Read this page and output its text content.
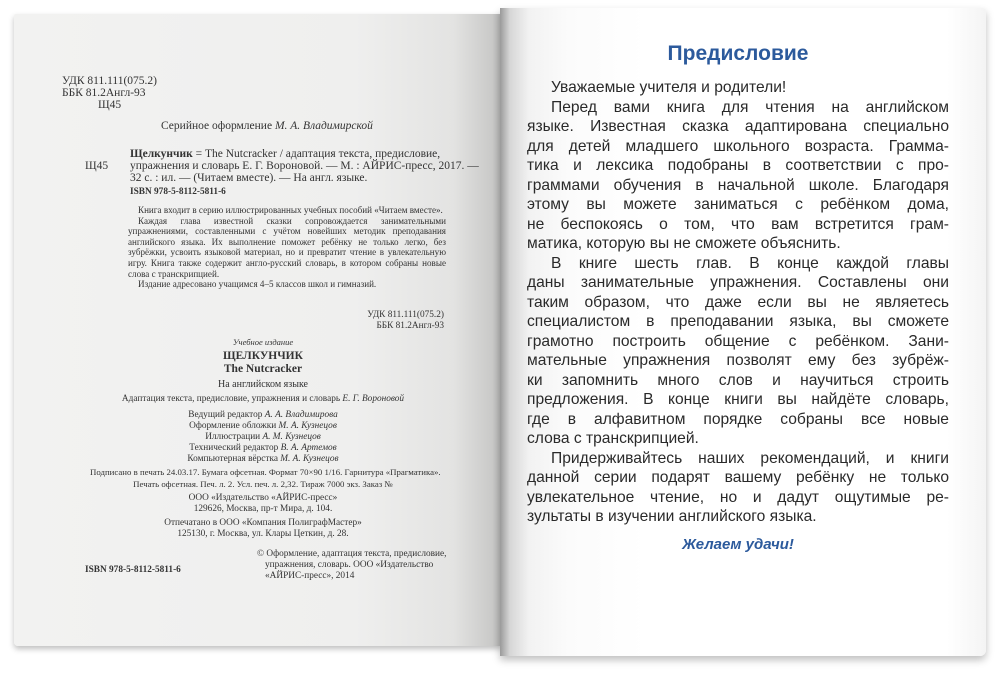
УДК 811.111(075.2)
ББК 81.2Англ-93
Щ45
Серийное оформление М. А. Владимирской
Щелкунчик = The Nutcracker / адаптация текста, предисловие,
Щ45 упражнения и словарь Е. Г. Вороновой. — М. : АЙРИС-пресс, 2017. —
32 с. : ил. — (Читаем вместе). — На англ. языке.
ISBN 978-5-8112-5811-6
Книга входит в серию иллюстрированных учебных пособий «Читаем вместе».
Каждая глава известной сказки сопровождается занимательными упражнениями, составленными с учётом новейших методик преподавания английского языка. Их выполнение поможет ребёнку не только легко, без зубрёжки, усвоить языковой материал, но и превратит чтение в увлекательную игру. Книга также содержит англо-русский словарь, в котором собраны новые слова с транскрипцией.
Издание адресовано учащимся 4–5 классов школ и гимназий.
УДК 811.111(075.2)
ББК 81.2Англ-93
Учебное издание
ЩЕЛКУНЧИК
The Nutcracker
На английском языке
Адаптация текста, предисловие, упражнения и словарь Е. Г. Вороновой
Ведущий редактор А. А. Владимирова
Оформление обложки М. А. Кузнецов
Иллюстрации А. М. Кузнецов
Технический редактор В. А. Артемов
Компьютерная вёрстка М. А. Кузнецов
Подписано в печать 24.03.17. Бумага офсетная. Формат 70×90 1/16. Гарнитура «Прагматика».
Печать офсетная. Печ. л. 2. Усл. печ. л. 2,32. Тираж 7000 экз. Заказ №
ООО «Издательство «АЙРИС-пресс»
129626, Москва, пр-т Мира, д. 104.
Отпечатано в ООО «Компания ПолиграфМастер»
125130, г. Москва, ул. Клары Цеткин, д. 28.
© Оформление, адаптация текста, предисловие,
упражнения, словарь. ООО «Издательство
«АЙРИС-пресс», 2014
ISBN 978-5-8112-5811-6
Предисловие
Уважаемые учителя и родители!
Перед вами книга для чтения на английском
языке. Известная сказка адаптирована специально
для детей младшего школьного возраста. Грамма-
тика и лексика подобраны в соответствии с про-
граммами обучения в начальной школе. Благодаря
этому вы можете заниматься с ребёнком дома,
не беспокоясь о том, что вам встретится грам-
матика, которую вы не сможете объяснить.
В книге шесть глав. В конце каждой главы
даны занимательные упражнения. Составлены они
таким образом, что даже если вы не являетесь
специалистом в преподавании языка, вы сможете
грамотно построить общение с ребёнком. Зани-
мательные упражнения позволят ему без зубрёж-
ки запомнить много слов и научиться строить
предложения. В конце книги вы найдёте словарь,
где в алфавитном порядке собраны все новые
слова с транскрипцией.
Придерживайтесь наших рекомендаций, и книги
данной серии подарят вашему ребёнку не только
увлекательное чтение, но и дадут ощутимые ре-
зультаты в изучении английского языка.
Желаем удачи!
